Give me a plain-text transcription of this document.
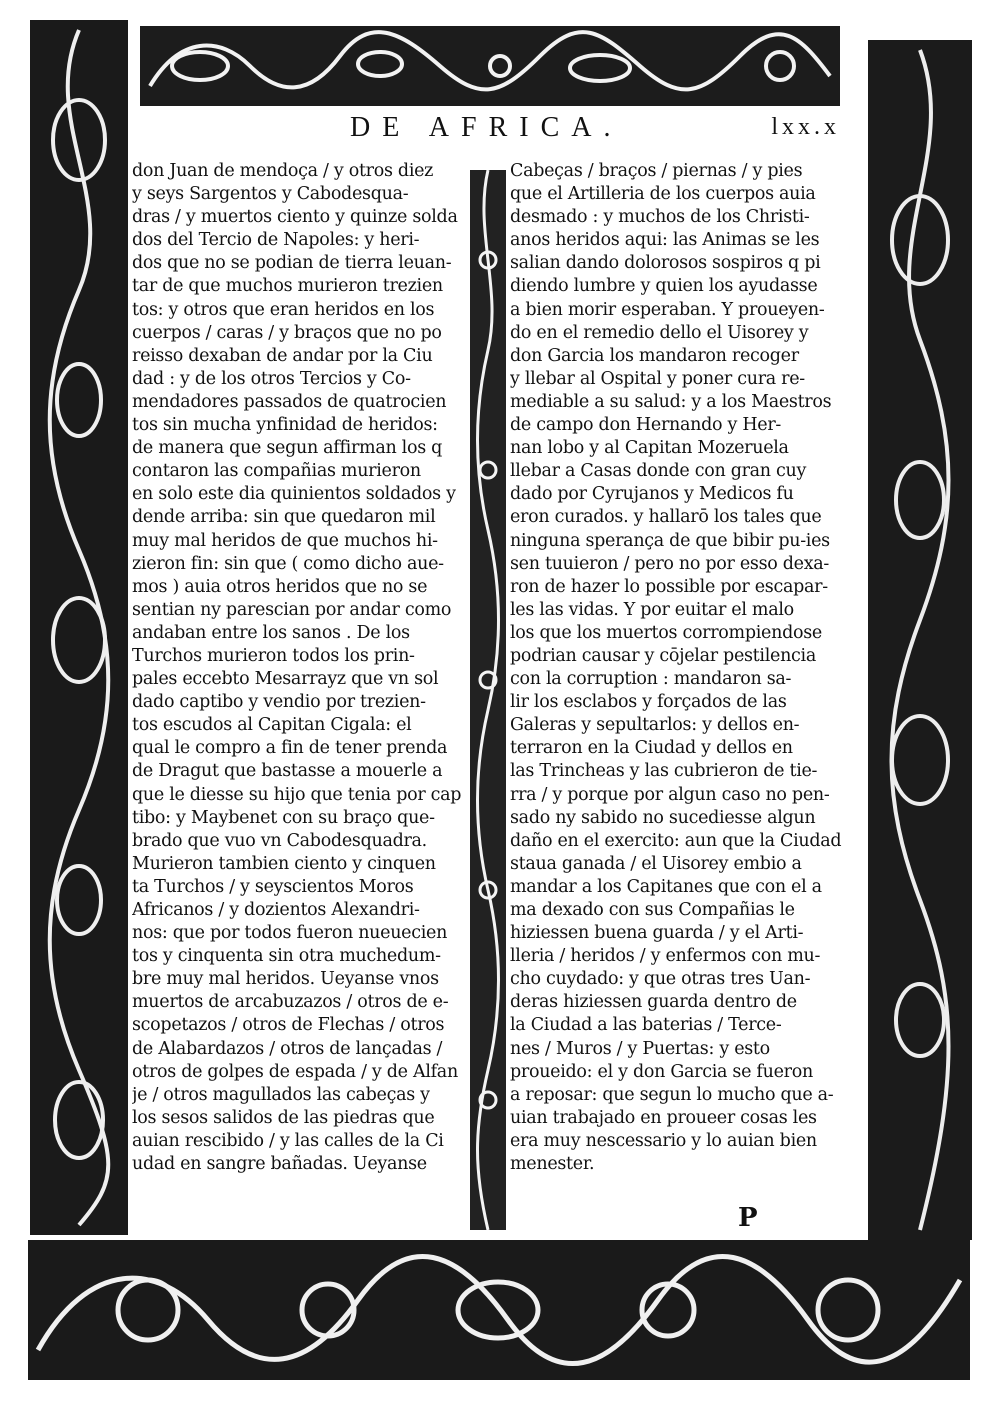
DE AFRICA.	lxx.x
don Juan de mendoça / y otros diez
y seys Sargentos y Cabodesqua-
dras / y muertos ciento y quinze solda
dos del Tercio de Napoles: y heri-
dos que no se podian de tierra leuan-
tar de que muchos murieron trezien
tos: y otros que eran heridos en los
cuerpos / caras / y braços que no po
reisso dexaban de andar por la Ciu
dad : y de los otros Tercios y Co-
mendadores passados de quatrocien
tos sin mucha ynfinidad de heridos:
de manera que segun affirman los q
contaron las compañias murieron
en solo este dia quinientos soldados y
dende arriba: sin que quedaron mil
muy mal heridos de que muchos hi-
zieron fin: sin que ( como dicho aue-
mos ) auia otros heridos que no se
sentian ny parescian por andar como
andaban entre los sanos . De los
Turchos murieron todos los prin-
pales eccebto Mesarrayz que vn sol
dado captibo y vendio por trezien-
tos escudos al Capitan Cigala: el
qual le compro a fin de tener prenda
de Dragut que bastasse a mouerle a
que le diesse su hijo que tenia por cap
tibo: y Maybenet con su braço que-
brado que vuo vn Cabodesquadra.
Murieron tambien ciento y cinquen
ta Turchos / y seyscientos Moros
Africanos / y dozientos Alexandri-
nos: que por todos fueron nueuecien
tos y cinquenta sin otra muchedum-
bre muy mal heridos. Ueyanse vnos
muertos de arcabuzazos / otros de e-
scopetazos / otros de Flechas / otros
de Alabardazos / otros de lançadas /
otros de golpes de espada / y de Alfan
je / otros magullados las cabeças y
los sesos salidos de las piedras que
auian rescibido / y las calles de la Ci
udad en sangre bañadas. Ueyanse
Cabeças / braços / piernas / y pies
que el Artilleria de los cuerpos auia
desmado : y muchos de los Christi-
anos heridos aqui: las Animas se les
salian dando dolorosos sospiros q pi
diendo lumbre y quien los ayudasse
a bien morir esperaban. Y proueyen-
do en el remedio dello el Uisorey y
don Garcia los mandaron recoger
y llebar al Ospital y poner cura re-
mediable a su salud: y a los Maestros
de campo don Hernando y Her-
nan lobo y al Capitan Mozeruela
llebar a Casas donde con gran cuy
dado por Cyrujanos y Medicos fu
eron curados. y hallarō los tales que
ninguna sperança de que bibir pu-ies
sen tuuieron / pero no por esso dexa-
ron de hazer lo possible por escapar-
les las vidas. Y por euitar el malo
los que los muertos corrompiendose
podrian causar y cōjelar pestilencia
con la corruption : mandaron sa-
lir los esclabos y forçados de las
Galeras y sepultarlos: y dellos en-
terraron en la Ciudad y dellos en
las Trincheas y las cubrieron de tie-
rra / y porque por algun caso no pen-
sado ny sabido no sucediesse algun
daño en el exercito: aun que la Ciudad
staua ganada / el Uisorey embio a
mandar a los Capitanes que con el a
ma dexado con sus Compañias le
hiziessen buena guarda / y el Arti-
lleria / heridos / y enfermos con mu-
cho cuydado: y que otras tres Uan-
deras hiziessen guarda dentro de
la Ciudad a las baterias / Terce-
nes / Muros / y Puertas: y esto
proueido: el y don Garcia se fueron
a reposar: que segun lo mucho que a-
uian trabajado en proueer cosas les
era muy nescessario y lo auian bien
menester.
P
